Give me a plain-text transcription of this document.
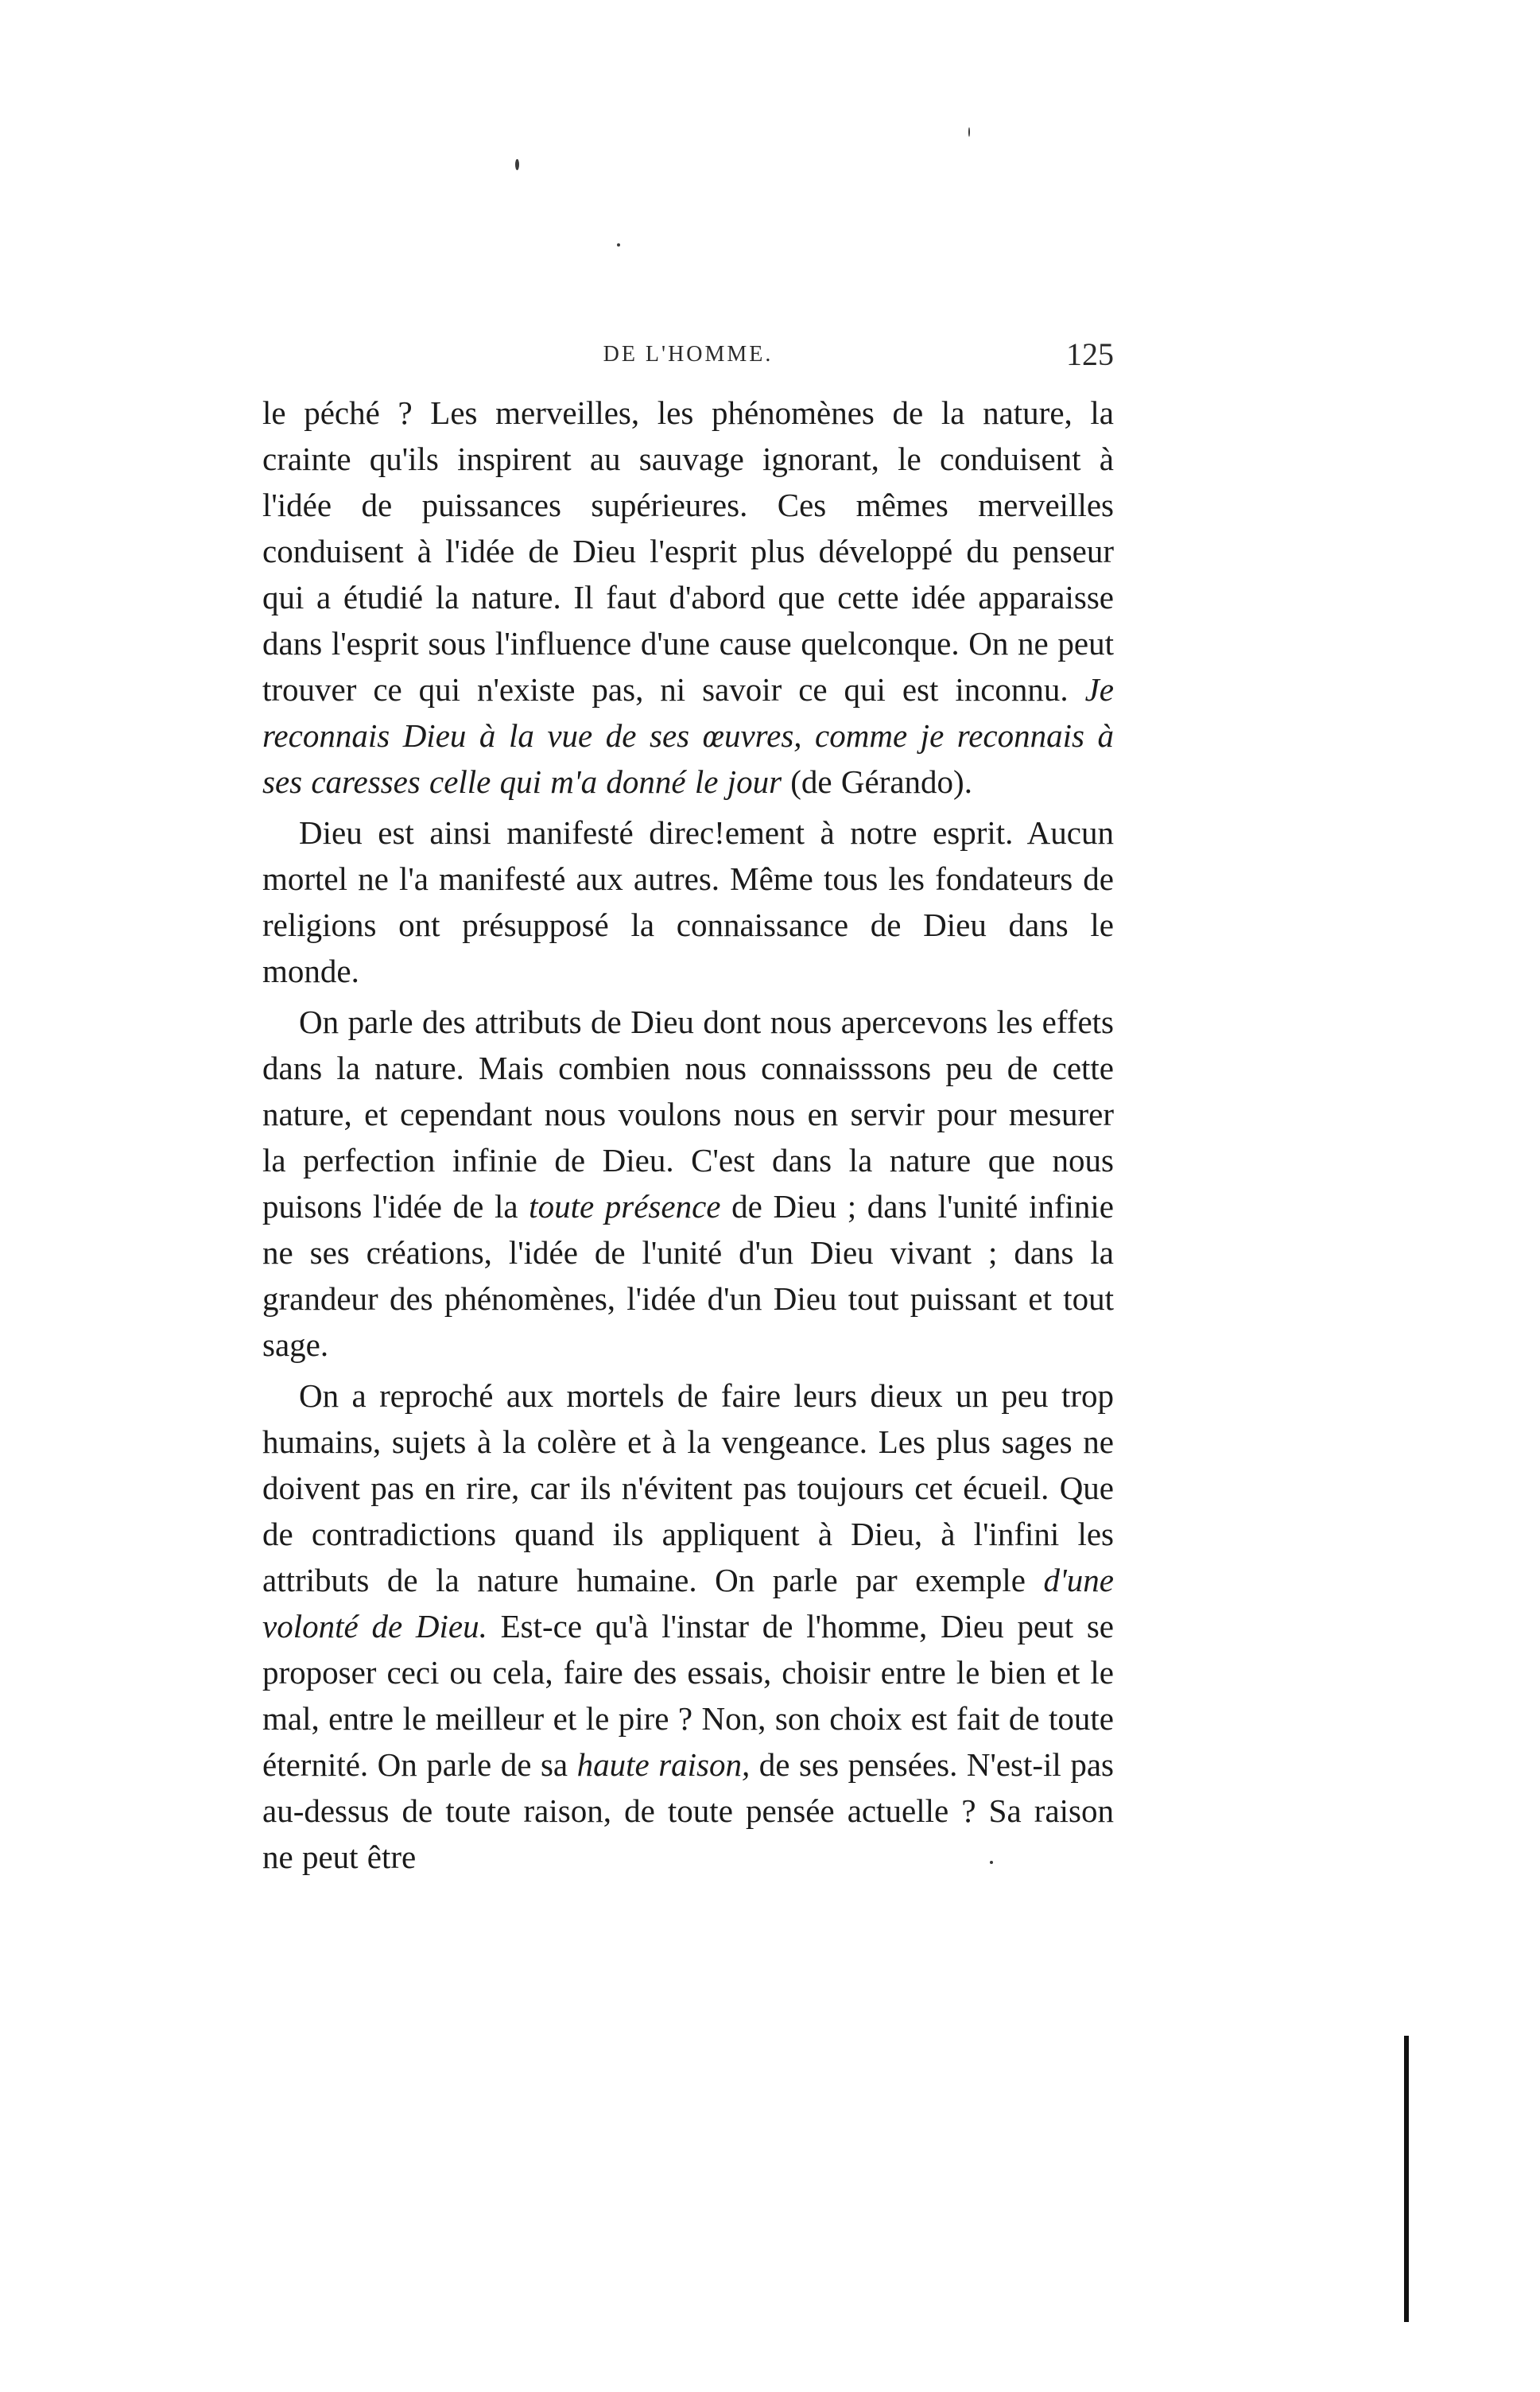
DE L'HOMME.	125

le péché ? Les merveilles, les phénomènes de la nature, la crainte qu'ils inspirent au sauvage ignorant, le conduisent à l'idée de puissances supérieures. Ces mêmes merveilles conduisent à l'idée de Dieu l'esprit plus développé du penseur qui a étudié la nature. Il faut d'abord que cette idée apparaisse dans l'esprit sous l'influence d'une cause quelconque. On ne peut trouver ce qui n'existe pas, ni savoir ce qui est inconnu. Je reconnais Dieu à la vue de ses œuvres, comme je reconnais à ses caresses celle qui m'a donné le jour (de Gérando).

Dieu est ainsi manifesté direc!ement à notre esprit. Aucun mortel ne l'a manifesté aux autres. Même tous les fondateurs de religions ont présupposé la connaissance de Dieu dans le monde.

On parle des attributs de Dieu dont nous apercevons les effets dans la nature. Mais combien nous connaisssons peu de cette nature, et cependant nous voulons nous en servir pour mesurer la perfection infinie de Dieu. C'est dans la nature que nous puisons l'idée de la toute présence de Dieu ; dans l'unité infinie ne ses créations, l'idée de l'unité d'un Dieu vivant ; dans la grandeur des phénomènes, l'idée d'un Dieu tout puissant et tout sage.

On a reproché aux mortels de faire leurs dieux un peu trop humains, sujets à la colère et à la vengeance. Les plus sages ne doivent pas en rire, car ils n'évitent pas toujours cet écueil. Que de contradictions quand ils appliquent à Dieu, à l'infini les attributs de la nature humaine. On parle par exemple d'une volonté de Dieu. Est-ce qu'à l'instar de l'homme, Dieu peut se proposer ceci ou cela, faire des essais, choisir entre le bien et le mal, entre le meilleur et le pire ? Non, son choix est fait de toute éternité. On parle de sa haute raison, de ses pensées. N'est-il pas au-dessus de toute raison, de toute pensée actuelle ? Sa raison ne peut être
